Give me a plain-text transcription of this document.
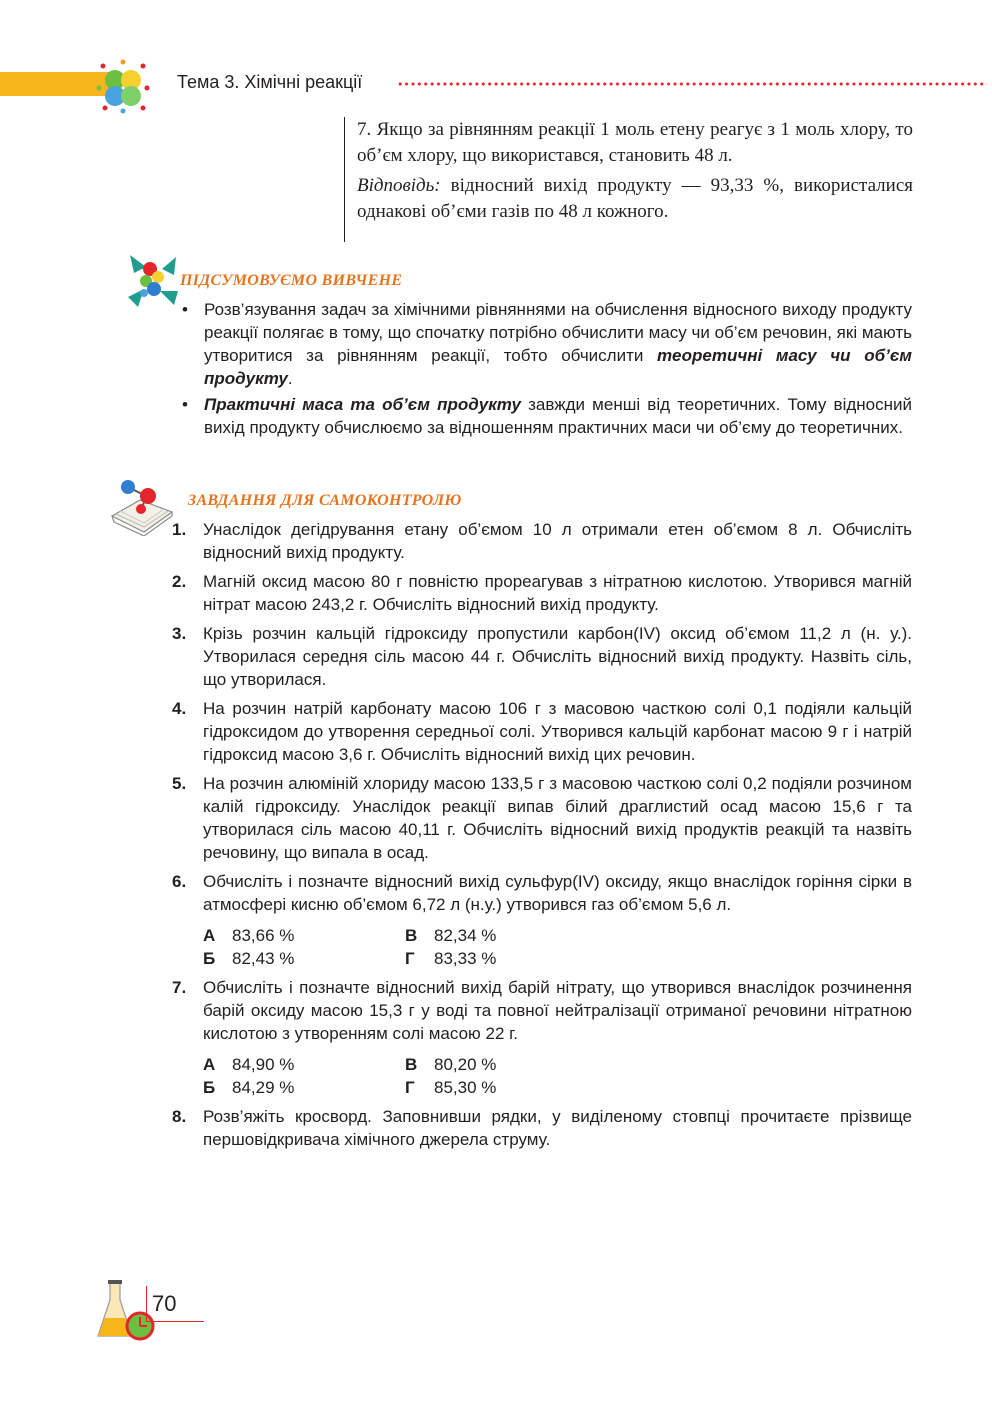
Тема 3. Хімічні реакції

7. Якщо за рівнянням реакції 1 моль етену реагує з 1 моль хлору, то об’єм хлору, що використався, становить 48 л.

Відповідь: відносний вихід продукту — 93,33 %, використалися однакові об’єми газів по 48 л кожного.

ПІДСУМОВУЄМО ВИВЧЕНЕ
• Розв’язування задач за хімічними рівняннями на обчислення відносного виходу продукту реакції полягає в тому, що спочатку потрібно обчислити масу чи об’єм речовин, які мають утворитися за рівнянням реакції, тобто обчислити теоретичні масу чи об’єм продукту.
• Практичні маса та об’єм продукту завжди менші від теоретичних. Тому відносний вихід продукту обчислюємо за відношенням практичних маси чи об’єму до теоретичних.
ЗАВДАННЯ ДЛЯ САМОКОНТРОЛЮ
1. Унаслідок дегідрування етану об’ємом 10 л отримали етен об’ємом 8 л. Обчисліть відносний вихід продукту.
2. Магній оксид масою 80 г повністю прореагував з нітратною кислотою. Утворився магній нітрат масою 243,2 г. Обчисліть відносний вихід продукту.
3. Крізь розчин кальцій гідроксиду пропустили карбон(IV) оксид об’ємом 11,2 л (н. у.). Утворилася середня сіль масою 44 г. Обчисліть відносний вихід продукту. Назвіть сіль, що утворилася.
4. На розчин натрій карбонату масою 106 г з масовою часткою солі 0,1 подіяли кальцій гідроксидом до утворення середньої солі. Утворився кальцій карбонат масою 9 г і натрій гідроксид масою 3,6 г. Обчисліть відносний вихід цих речовин.
5. На розчин алюміній хлориду масою 133,5 г з масовою часткою солі 0,2 подіяли розчином калій гідроксиду. Унаслідок реакції випав білий драглистий осад масою 15,6 г та утворилася сіль масою 40,11 г. Обчисліть відносний вихід продуктів реакцій та назвіть речовину, що випала в осад.
6. Обчисліть і позначте відносний вихід сульфур(IV) оксиду, якщо внаслідок горіння сірки в атмосфері кисню об’ємом 6,72 л (н.у.) утворився газ об’ємом 5,6 л.
А 83,66 %	В 82,34 %
Б 82,43 %	Г 83,33 %
7. Обчисліть і позначте відносний вихід барій нітрату, що утворився внаслідок розчинення барій оксиду масою 15,3 г у воді та повної нейтралізації отриманої речовини нітратною кислотою з утворенням солі масою 22 г.
А 84,90 %	В 80,20 %
Б 84,29 %	Г 85,30 %
8. Розв’яжіть кросворд. Заповнивши рядки, у виділеному стовпці прочитаєте прізвище першовідкривача хімічного джерела струму.
70
